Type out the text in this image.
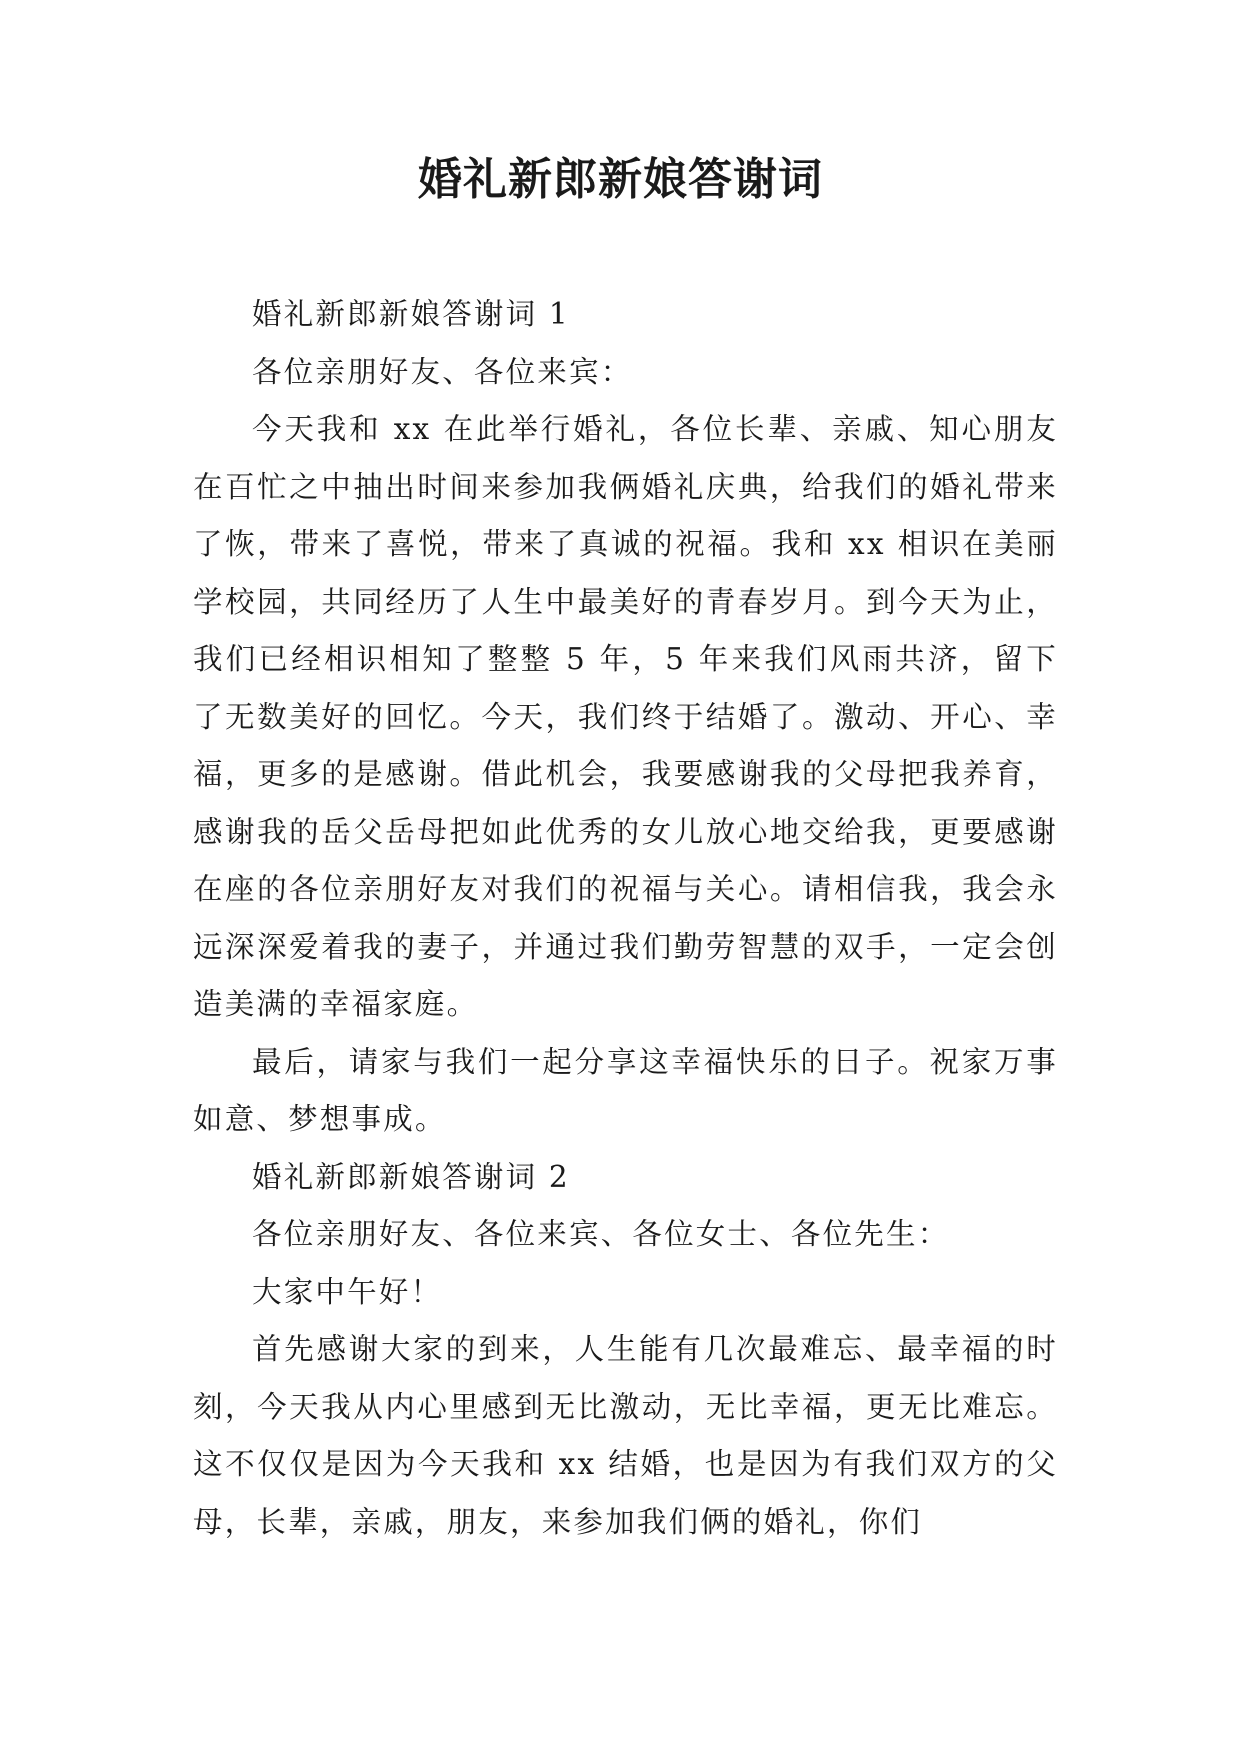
婚礼新郎新娘答谢词

婚礼新郎新娘答谢词 1

各位亲朋好友、各位来宾：

今天我和 xx 在此举行婚礼，各位长辈、亲戚、知心朋友在百忙之中抽出时间来参加我俩婚礼庆典，给我们的婚礼带来了恢，带来了喜悦，带来了真诚的祝福。我和 xx 相识在美丽学校园，共同经历了人生中最美好的青春岁月。到今天为止，我们已经相识相知了整整 5 年，5 年来我们风雨共济，留下了无数美好的回忆。今天，我们终于结婚了。激动、开心、幸福，更多的是感谢。借此机会，我要感谢我的父母把我养育，感谢我的岳父岳母把如此优秀的女儿放心地交给我，更要感谢在座的各位亲朋好友对我们的祝福与关心。请相信我，我会永远深深爱着我的妻子，并通过我们勤劳智慧的双手，一定会创造美满的幸福家庭。

最后，请家与我们一起分享这幸福快乐的日子。祝家万事如意、梦想事成。

婚礼新郎新娘答谢词 2

各位亲朋好友、各位来宾、各位女士、各位先生：

大家中午好！

首先感谢大家的到来，人生能有几次最难忘、最幸福的时刻，今天我从内心里感到无比激动，无比幸福，更无比难忘。这不仅仅是因为今天我和 xx 结婚，也是因为有我们双方的父母，长辈，亲戚，朋友，来参加我们俩的婚礼，你们
